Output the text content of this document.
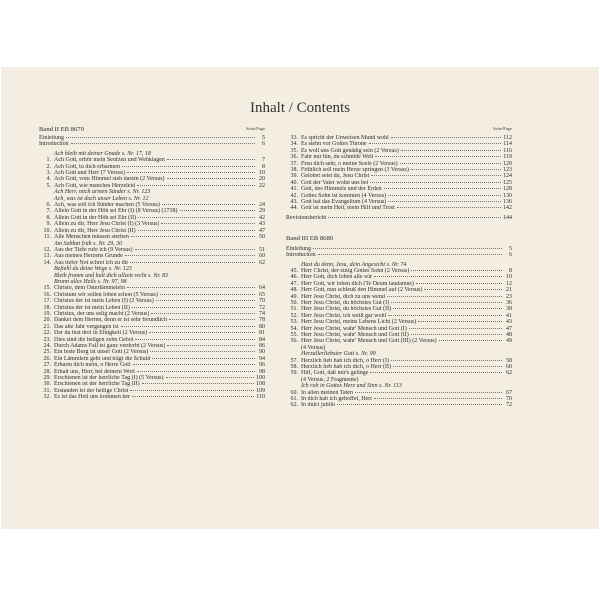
Inhalt / Contents
Band II EB 8679	Seite/Page
Einleitung	5
Introduction	6
Ach bleib mit deiner Gnade s. Nr. 17, 18
1. Ach Gott, erhör mein Seufzen und Wehklagen	7
2. Ach Gott, tu dich erbarmen	8
3. Ach Gott und Herr (7 Versus)	10
4. Ach Gott, vom Himmel sieh darein (2 Versus)	20
5. Ach Gott, wie manches Herzeleid	22
Ach Herr, mich armen Sünder s. Nr. 123
Ach, was ist doch unser Leben s. Nr. 12
6. Ach, was soll ich Sünder machen (5 Versus)	24
7. Allein Gott in der Höh sei Ehr (I) (8 Versus) (1738)	29
8. Allein Gott in der Höh sei Ehr (II)	42
9. Allein zu dir, Herr Jesu Christ (I) (3 Versus)	43
10. Allein zu dir, Herr Jesu Christ (II)	47
11. Alle Menschen müssen sterben	50
Am Sabbat früh s. Nr. 29, 30
12. Aus der Tiefe rufe ich (9 Versus)	51
13. Aus meines Herzens Grunde	60
14. Aus tiefer Not schrei ich zu dir	62
Befiehl du deine Wege s. Nr. 123
Bleib fromm und halt dich allzeit recht s. Nr. 83
Brunn alles Heils s. Nr. 97, 98
15. Christo, dem Osterlämmelein	64
16. Christum wir sollen loben schon (5 Versus)	65
17. Christus der ist mein Leben (I) (2 Versus)	70
18. Christus der ist mein Leben (II)	72
19. Christus, der uns selig macht (2 Versus)	74
20. Danket dem Herren, denn er ist sehr freundlich	78
21. Das alte Jahr vergangen ist	80
22. Der du bist drei in Einigkeit (2 Versus)	81
23. Dies sind die heilgen zehn Gebot	84
24. Durch Adams Fall ist ganz verderbt (2 Versus)	86
25. Ein feste Burg ist unser Gott (2 Versus)	90
26. Ein Lämmlein geht und trägt die Schuld	94
27. Erbarm dich mein, o Herre Gott	96
28. Erhalt uns, Herr, bei deinem Wort	98
29. Erschienen ist der herrliche Tag (I) (5 Versus)	100
30. Erschienen ist der herrliche Tag (II)	108
31. Erstanden ist der heilige Christ	109
32. Es ist das Heil uns kommen her	110
Seite/Page
33. Es spricht der Unweisen Mund wohl	112
34. Es stehn vor Gottes Throne	114
35. Es woll uns Gott genädig sein (2 Versus)	116
36. Fahr nur hin, du schnöde Welt	119
37. Freu dich sehr, o meine Seele (2 Versus)	120
38. Fröhlich soll mein Herze springen (3 Versus)	123
39. Gelobet seist du, Jesu Christ	124
40. Gott der Vater wohn uns bei	125
41. Gott, des Himmels und der Erden	128
42. Gottes Sohn ist kommen (4 Versus)	130
43. Gott hat das Evangelium (4 Versus)	136
44. Gott ist mein Heil, mein Hilf und Trost	142
Revisionsbericht	144
Band III EB 8680
Einleitung	5
Introduction	6
Hast du denn, Jesu, dein Angesicht s. Nr. 74
45. Herr Christ, der einig Gottes Sohn (2 Versus)	8
46. Herr Gott, dich loben alle wir	10
47. Herr Gott, wir loben dich (Te Deum laudamus)	12
48. Herr Gott, nun schleuß den Himmel auf (2 Versus)	21
49. Herr Jesu Christ, dich zu uns wend	23
50. Herr Jesu Christ, du höchstes Gut (I)	36
51. Herr Jesu Christ, du höchstes Gut (II)	38
52. Herr Jesu Christ, ich weiß gar wohl	41
53. Herr Jesu Christ, meins Lebens Licht (2 Versus)	43
54. Herr Jesu Christ, wahr' Mensch und Gott (I)	47
55. Herr Jesu Christ, wahr' Mensch und Gott (II)	48
56. Herr Jesu Christ, wahr' Mensch und Gott (III) (2 Versus)	49
(4 Versus)
Herzallerliebster Gott s. Nr. 99
57. Herzlich lieb hab ich dich, o Herr (I)	58
58. Herzlich lieb hab ich dich, o Herr (II)	60
59. Hilf, Gott, daß mir's gelinge	62
(4 Versus, 2 Fragmente)
Ich ruh in Gottes Herz und Sinn s. Nr. 113
60. In allen meinen Taten	67
61. In dich hab ich gehoffet, Herr	70
62. In dulci jubilo	72
